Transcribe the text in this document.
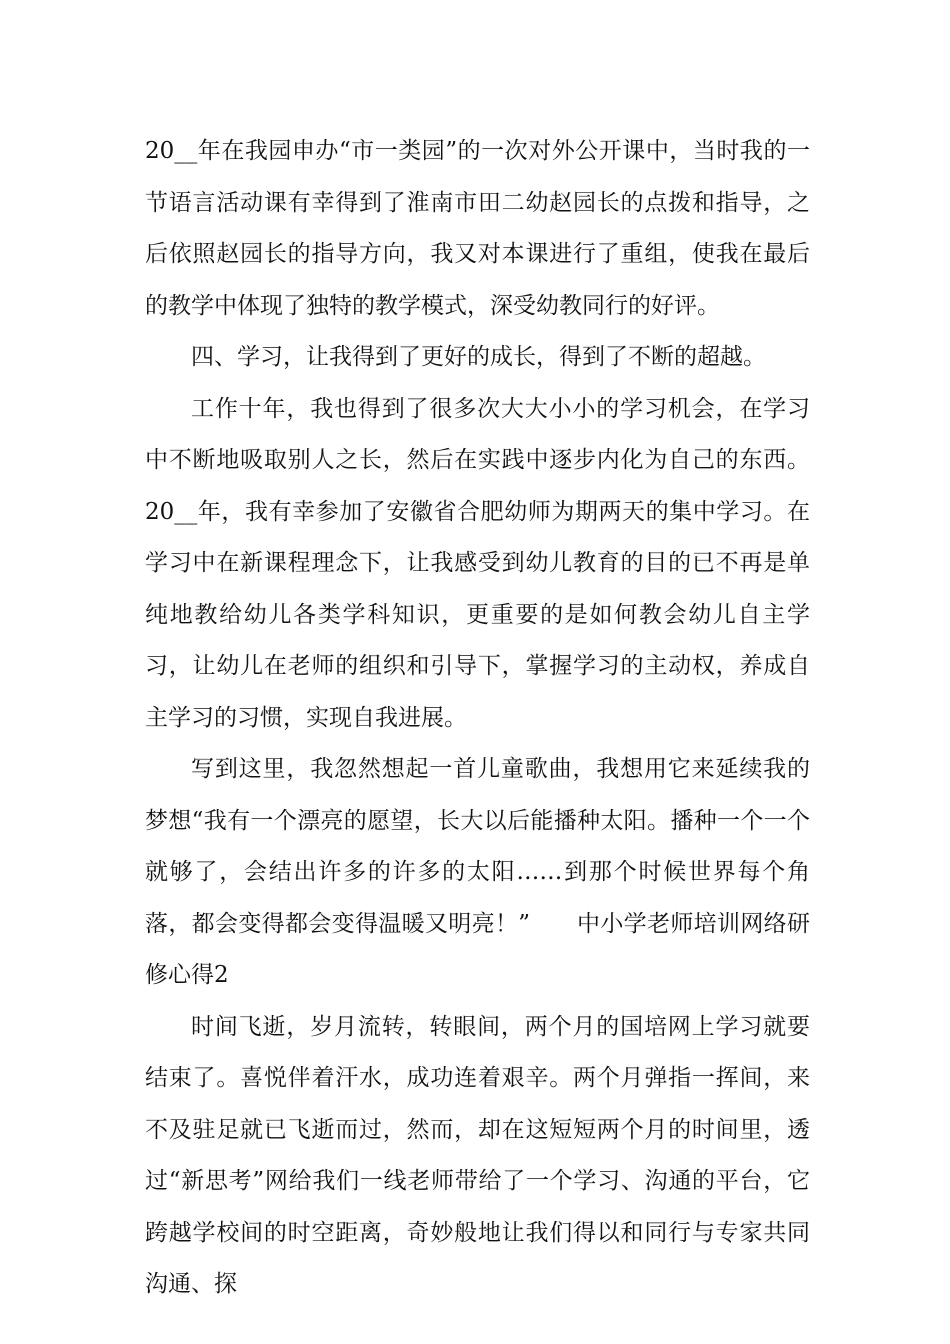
20__年在我园申办“市一类园”的一次对外公开课中，当时我的一节语言活动课有幸得到了淮南市田二幼赵园长的点拨和指导，之后依照赵园长的指导方向，我又对本课进行了重组，使我在最后的教学中体现了独特的教学模式，深受幼教同行的好评。

四、学习，让我得到了更好的成长，得到了不断的超越。

工作十年，我也得到了很多次大大小小的学习机会，在学习中不断地吸取别人之长，然后在实践中逐步内化为自己的东西。20__年，我有幸参加了安徽省合肥幼师为期两天的集中学习。在学习中在新课程理念下，让我感受到幼儿教育的目的已不再是单纯地教给幼儿各类学科知识，更重要的是如何教会幼儿自主学习，让幼儿在老师的组织和引导下，掌握学习的主动权，养成自主学习的习惯，实现自我进展。

写到这里，我忽然想起一首儿童歌曲，我想用它来延续我的梦想“我有一个漂亮的愿望，长大以后能播种太阳。播种一个一个就够了，会结出许多的许多的太阳……到那个时候世界每个角落，都会变得都会变得温暖又明亮！”　　中小学老师培训网络研修心得2

时间飞逝，岁月流转，转眼间，两个月的国培网上学习就要结束了。喜悦伴着汗水，成功连着艰辛。两个月弹指一挥间，来不及驻足就已飞逝而过，然而，却在这短短两个月的时间里，透过“新思考”网给我们一线老师带给了一个学习、沟通的平台，它跨越学校间的时空距离，奇妙般地让我们得以和同行与专家共同沟通、探
